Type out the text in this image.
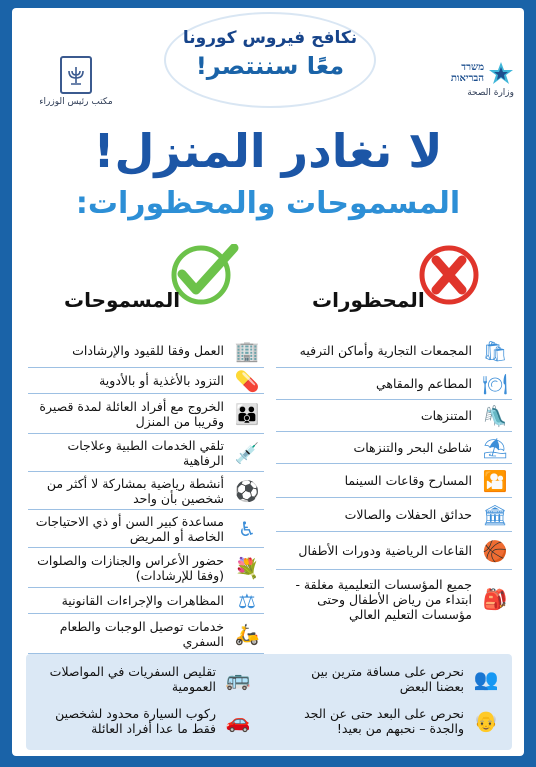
نكافح فيروس كورونا
معًا سننتصر!
مكتب رئيس الوزراء
משרד
הבריאות
وزارة الصحة
لا نغادر المنزل!
المسموحات والمحظورات:
المسموحات	المحظورات
🏢
العمل وفقا للقيود والإرشادات
💊
التزود بالأغذية أو بالأدوية
👪
الخروج مع أفراد العائلة لمدة قصيرة وقريبا من المنزل
💉
تلقي الخدمات الطبية وعلاجات الرفاهية
⚽
أنشطة رياضية بمشاركة لا أكثر من شخصين بأن واحد
♿
مساعدة كبير السن أو ذي الاحتياجات الخاصة أو المريض
💐
حضور الأعراس والجنازات والصلوات (وفقا للإرشادات)
⚖
المظاهرات والإجراءات القانونية
🛵
خدمات توصيل الوجبات والطعام السفري
🛍
المجمعات التجارية وأماكن الترفيه
🍽
المطاعم والمقاهي
🛝
المتنزهات
⛱
شاطئ البحر والتنزهات
🎦
المسارح وقاعات السينما
🏛
حدائق الحفلات والصالات
🏀
القاعات الرياضية ودورات الأطفال
🎒
جميع المؤسسات التعليمية مغلقة - ابتداء من رياض الأطفال وحتى مؤسسات التعليم العالي
👥
نحرص على مسافة مترين بين بعضنا البعض
🚌
تقليص السفريات في المواصلات العمومية
👴
نحرص على البعد حتى عن الجد والجدة – نحبهم من بعيد!
🚗
ركوب السيارة محدود لشخصين فقط ما عدا أفراد العائلة
